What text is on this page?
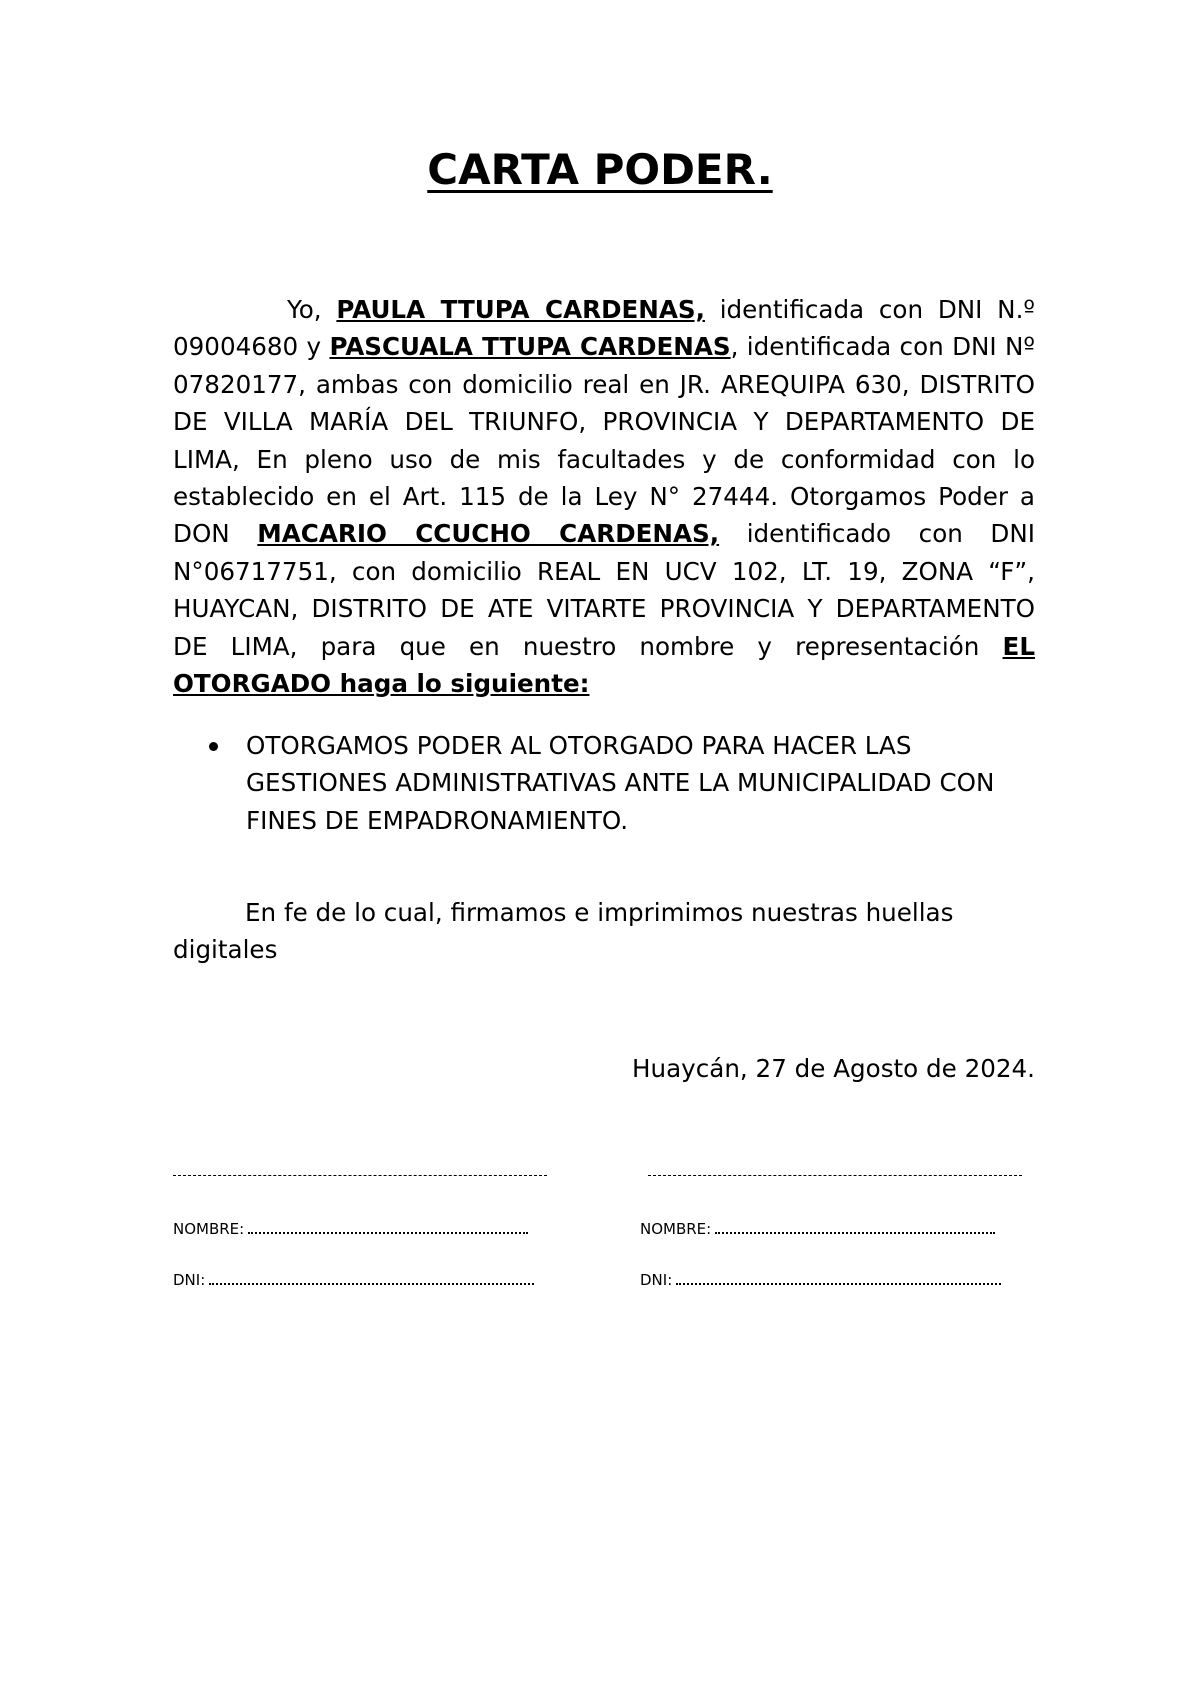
CARTA PODER.

Yo, PAULA TTUPA CARDENAS, identificada con DNI N.º 09004680 y PASCUALA TTUPA CARDENAS, identificada con DNI Nº 07820177, ambas con domicilio real en JR. AREQUIPA 630, DISTRITO DE VILLA MARÍA DEL TRIUNFO, PROVINCIA Y DEPARTAMENTO DE LIMA, En pleno uso de mis facultades y de conformidad con lo establecido en el Art. 115 de la Ley N° 27444. Otorgamos Poder a DON MACARIO CCUCHO CARDENAS, identificado con DNI N°06717751, con domicilio REAL EN UCV 102, LT. 19, ZONA “F”, HUAYCAN, DISTRITO DE ATE VITARTE PROVINCIA Y DEPARTAMENTO DE LIMA, para que en nuestro nombre y representación EL OTORGADO haga lo siguiente:

OTORGAMOS PODER AL OTORGADO PARA HACER LAS GESTIONES ADMINISTRATIVAS ANTE LA MUNICIPALIDAD CON FINES DE EMPADRONAMIENTO.

En fe de lo cual, firmamos e imprimimos nuestras huellas digitales

Huaycán, 27 de Agosto de 2024.

NOMBRE:
DNI:
NOMBRE:
DNI:
